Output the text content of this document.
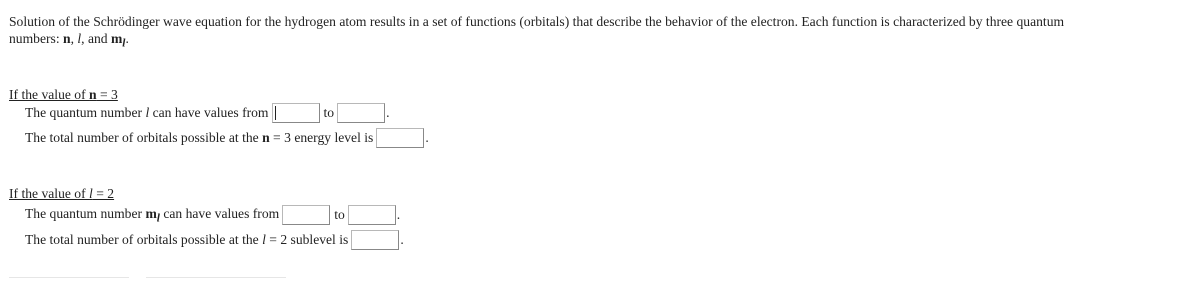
Solution of the Schrödinger wave equation for the hydrogen atom results in a set of functions (orbitals) that describe the behavior of the electron. Each function is characterized by three quantum
numbers: n, l, and $m_l$.
If the value of n = 3
The quantum number l can have values from	to	.
The total number of orbitals possible at the n = 3 energy level is	.
If the value of l = 2
The quantum number $m_l$ can have values from	to	.
The total number of orbitals possible at the l = 2 sublevel is	.
